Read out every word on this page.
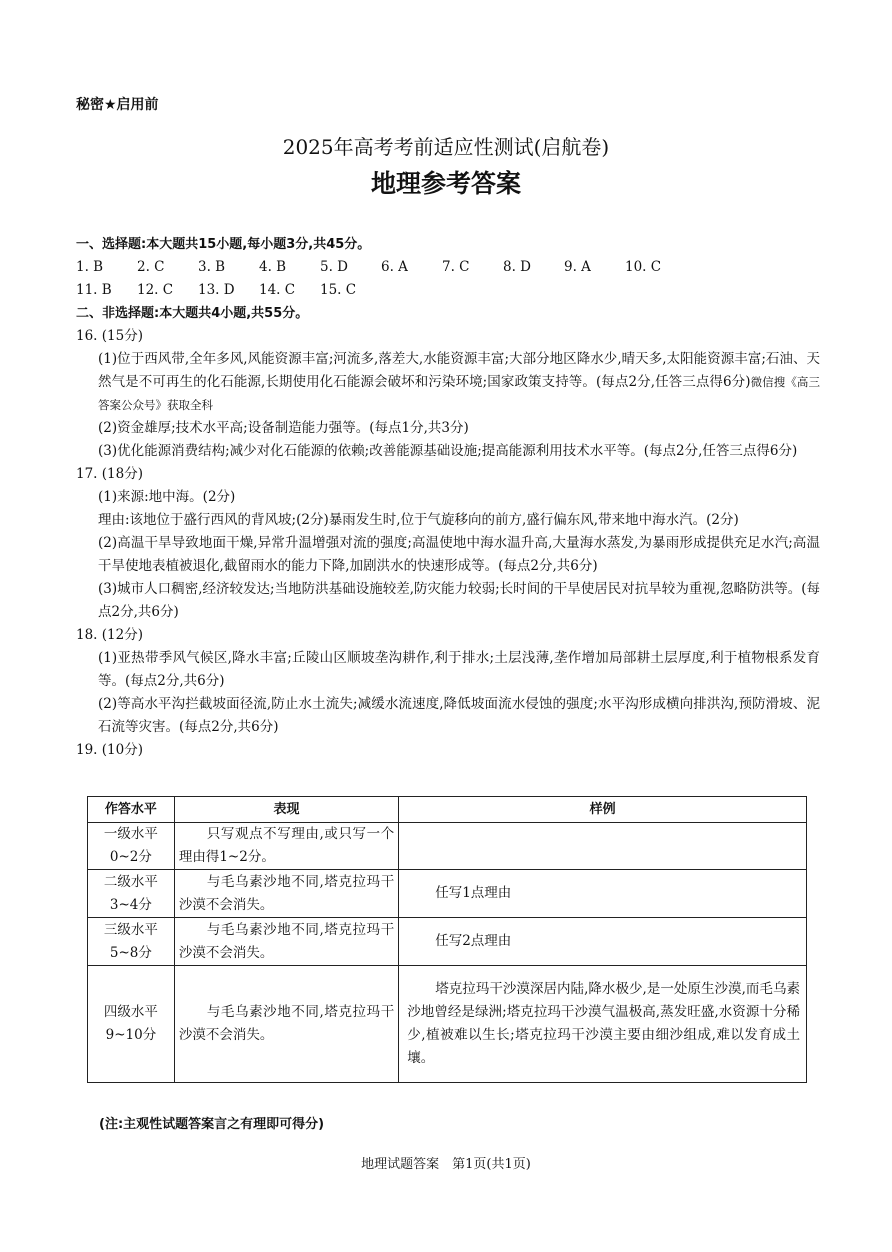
秘密★启用前
2025年高考考前适应性测试(启航卷)
地理参考答案
一、选择题:本大题共15小题,每小题3分,共45分。
1. B	2. C	3. B	4. B	5. D	6. A	7. C	8. D	9. A	10. C
11. B	12. C	13. D	14. C	15. C
二、非选择题:本大题共4小题,共55分。
16. (15分)
(1)位于西风带,全年多风,风能资源丰富;河流多,落差大,水能资源丰富;大部分地区降水少,晴天多,太阳能资源丰富;石油、天然气是不可再生的化石能源,长期使用化石能源会破坏和污染环境;国家政策支持等。(每点2分,任答三点得6分)微信搜《高三答案公众号》获取全科
(2)资金雄厚;技术水平高;设备制造能力强等。(每点1分,共3分)
(3)优化能源消费结构;减少对化石能源的依赖;改善能源基础设施;提高能源利用技术水平等。(每点2分,任答三点得6分)
17. (18分)
(1)来源:地中海。(2分)
理由:该地位于盛行西风的背风坡;(2分)暴雨发生时,位于气旋移向的前方,盛行偏东风,带来地中海水汽。(2分)
(2)高温干旱导致地面干燥,异常升温增强对流的强度;高温使地中海水温升高,大量海水蒸发,为暴雨形成提供充足水汽;高温干旱使地表植被退化,截留雨水的能力下降,加剧洪水的快速形成等。(每点2分,共6分)
(3)城市人口稠密,经济较发达;当地防洪基础设施较差,防灾能力较弱;长时间的干旱使居民对抗旱较为重视,忽略防洪等。(每点2分,共6分)
18. (12分)
(1)亚热带季风气候区,降水丰富;丘陵山区顺坡垄沟耕作,利于排水;土层浅薄,垄作增加局部耕土层厚度,利于植物根系发育等。(每点2分,共6分)
(2)等高水平沟拦截坡面径流,防止水土流失;减缓水流速度,降低坡面流水侵蚀的强度;水平沟形成横向排洪沟,预防滑坡、泥石流等灾害。(每点2分,共6分)
19. (10分)
作答水平	表现	样例

一级水平
0~2分	只写观点不写理由,或只写一个理由得1~2分。	

二级水平
3~4分	与毛乌素沙地不同,塔克拉玛干沙漠不会消失。	任写1点理由

三级水平
5~8分	与毛乌素沙地不同,塔克拉玛干沙漠不会消失。	任写2点理由

四级水平
9~10分	与毛乌素沙地不同,塔克拉玛干沙漠不会消失。	塔克拉玛干沙漠深居内陆,降水极少,是一处原生沙漠,而毛乌素沙地曾经是绿洲;塔克拉玛干沙漠气温极高,蒸发旺盛,水资源十分稀少,植被难以生长;塔克拉玛干沙漠主要由细沙组成,难以发育成土壤。
(注:主观性试题答案言之有理即可得分)
地理试题答案　第1页(共1页)
